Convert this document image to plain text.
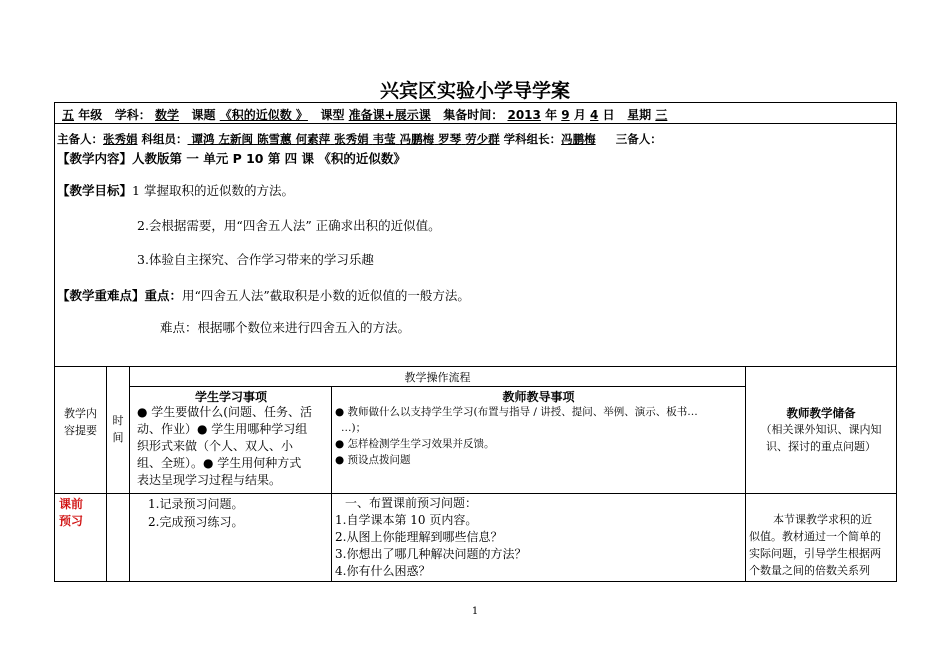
兴宾区实验小学导学案
五 年级 学科： 数学 课题 《积的近似数 》 课型 准备课+展示课 集备时间： 2013 年 9 月 4 日 星期 三
主备人：张秀娟 科组员： 谭鸿 左新闽 陈雪蕙 何素萍 张秀娟 韦莹 冯鹏梅 罗琴 劳少群 学科组长：冯鹏梅 三备人：
【教学内容】人教版第 一 单元 P 10 第 四 课 《积的近似数》
【教学目标】1 掌握取积的近似数的方法。
2.会根据需要，用“四舍五人法” 正确求出积的近似值。
3.体验自主探究、合作学习带来的学习乐趣
【教学重难点】重点：用“四舍五人法”截取积是小数的近似值的一般方法。
难点：根据哪个数位来进行四舍五入的方法。
教学内
容提要
时
间
教学操作流程
学生学习事项
● 学生要做什么(问题、任务、活
动、作业）● 学生用哪种学习组
织形式来做（个人、双人、小
组、全班）。● 学生用何种方式
表达呈现学习过程与结果。
教师教导事项
● 教师做什么以支持学生学习(布置与指导 / 讲授、提问、举例、演示、板书…
…)；
● 怎样检测学生学习效果并反馈。
● 预设点拨问题
教师教学储备
（相关课外知识、课内知
识、探讨的重点问题）
课前
预习
1.记录预习问题。
2.完成预习练习。
一、布置课前预习问题：
1.自学课本第 10 页内容。
2.从图上你能理解到哪些信息？
3.你想出了哪几种解决问题的方法？
4.你有什么困惑？
本节课教学求积的近
似值。教材通过一个简单的
实际问题，引导学生根据两
个数量之间的倍数关系列
1
